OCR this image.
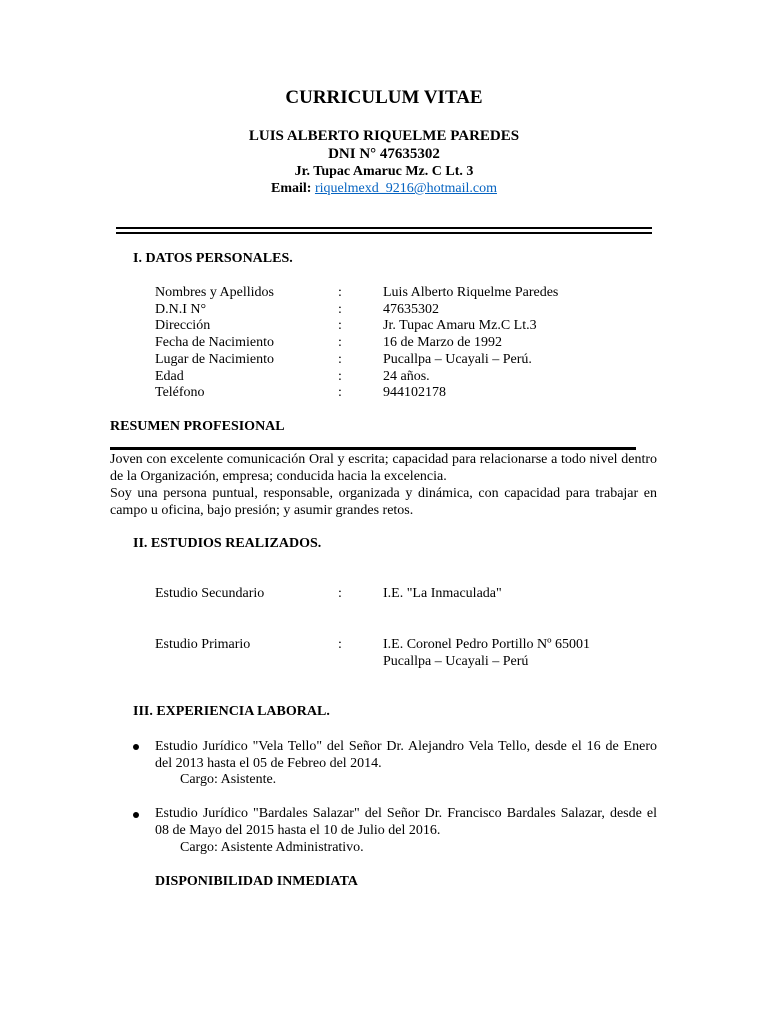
CURRICULUM VITAE
LUIS ALBERTO RIQUELME PAREDES
DNI N° 47635302
Jr. Tupac Amaruc Mz. C Lt. 3
Email: riquelmexd_9216@hotmail.com
I. DATOS PERSONALES.
Nombres y Apellidos	:	Luis Alberto Riquelme Paredes
D.N.I N°	:	47635302
Dirección	:	Jr. Tupac Amaru Mz.C Lt.3
Fecha de Nacimiento	:	16 de Marzo de 1992
Lugar de Nacimiento	:	Pucallpa – Ucayali – Perú.
Edad	:	24 años.
Teléfono	:	944102178
RESUMEN PROFESIONAL
Joven con excelente comunicación Oral y escrita; capacidad para relacionarse a todo nivel dentro de la Organización, empresa; conducida hacia la excelencia.
Soy una persona puntual, responsable, organizada y dinámica, con capacidad para trabajar en campo u oficina, bajo presión; y asumir grandes retos.
II. ESTUDIOS REALIZADOS.
Estudio Secundario	:	I.E. "La Inmaculada"
Estudio Primario	:	I.E. Coronel Pedro Portillo Nº 65001
Pucallpa – Ucayali – Perú
III. EXPERIENCIA LABORAL.
Estudio Jurídico "Vela Tello" del Señor Dr. Alejandro Vela Tello, desde el 16 de Enero del 2013 hasta el 05 de Febreo del 2014.
Cargo: Asistente.
Estudio Jurídico "Bardales Salazar" del Señor Dr. Francisco Bardales Salazar, desde el 08 de Mayo del 2015 hasta el 10 de Julio del 2016.
Cargo: Asistente Administrativo.
DISPONIBILIDAD INMEDIATA
